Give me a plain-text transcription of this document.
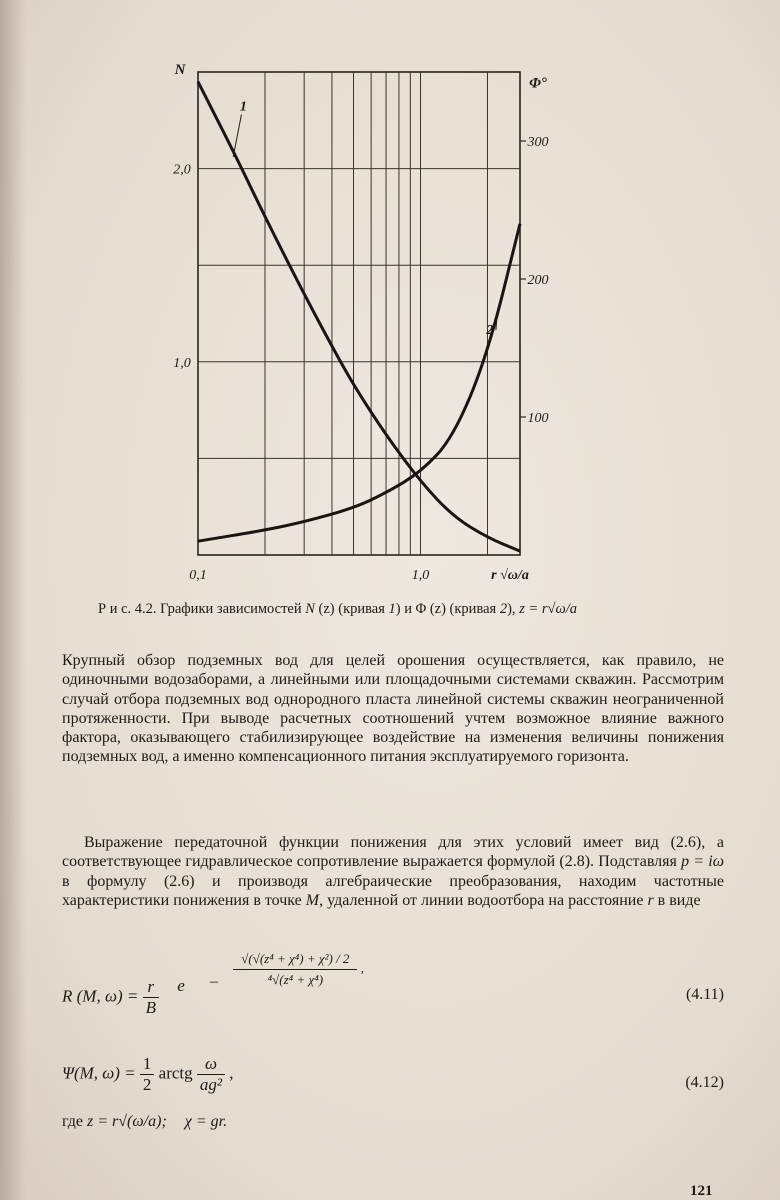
N
2,0
1,0
Φ°
300
200
100
0,1	1,0	r √ω/a
1
2
Р и с. 4.2. Графики зависимостей N (z) (кривая 1) и Φ (z) (кривая 2), z = r√ω/a
Крупный обзор подземных вод для целей орошения осуществляется, как правило, не одиночными водозаборами, а линейными или площадочными системами скважин. Рассмотрим случай отбора подземных вод однородного пласта линейной системы скважин неограниченной протяженности. При выводе расчетных соотношений учтем возможное влияние важного фактора, оказывающего стабилизирующее воздействие на изменения величины понижения подземных вод, а именно компенсационного питания эксплуатируемого горизонта.
Выражение передаточной функции понижения для этих условий имеет вид (2.6), а соответствующее гидравлическое сопротивление выражается формулой (2.8). Подставляя p = iω в формулу (2.6) и производя алгебраические преобразования, находим частотные характеристики понижения в точке M, удаленной от линии водоотбора на расстояние r в виде
R (M, $\omega) = \frac{r}{B}$ e – $\frac{\text{√(√(z⁴ + χ⁴) + χ²) / 2}}{\text{⁴√(z⁴ + χ⁴)}}$ ,
(4.11)
Ψ(M, $\omega) = \frac{1}{2}$ arctg $\frac{\omega}{\text{ag²}}$ ,
(4.12)
где z = r√(ω/a); χ = gr.
121
